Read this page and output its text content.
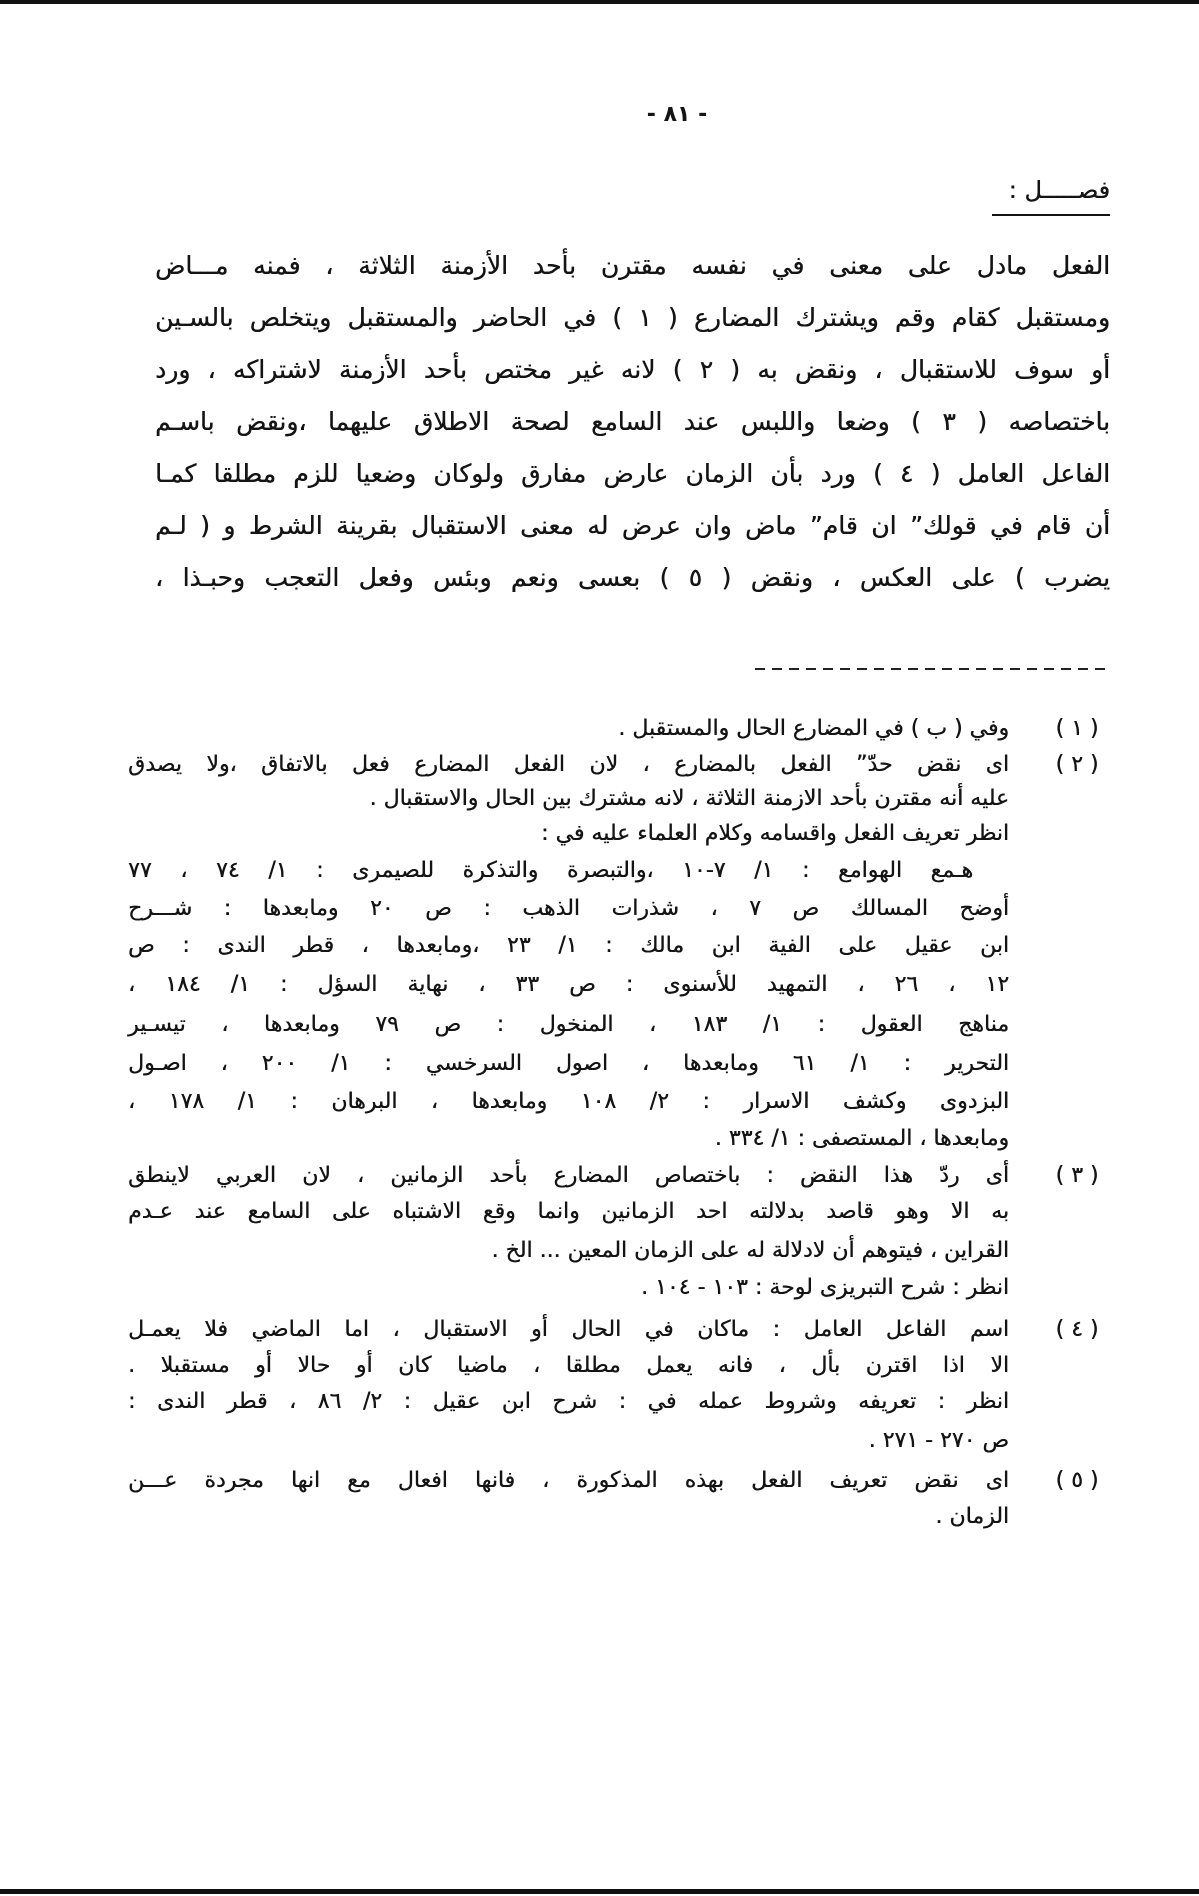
- ٨١ -
فصـــــل :
الفعل مادل على معنى في نفسه مقترن بأحد الأزمنة الثلاثة ، فمنه مـــاض
ومستقبل كقام وقم ويشترك المضارع ( ١ ) في الحاضر والمستقبل ويتخلص بالسـين
أو سوف للاستقبال ، ونقض به ( ٢ ) لانه غير مختص بأحد الأزمنة لاشتراكه ، ورد
باختصاصه ( ٣ ) وضعا واللبس عند السامع لصحة الاطلاق عليهما ،ونقض باسـم
الفاعل العامل ( ٤ ) ورد بأن الزمان عارض مفارق ولوكان وضعيا للزم مطلقا كمـا
أن قام في قولك” ان قام” ماض وان عرض له معنى الاستقبال بقرينة الشرط و ( لـم
يضرب ) على العكس ، ونقض ( ٥ ) بعسى ونعم وبئس وفعل التعجب وحبـذا ،
( ١ )
وفي ( ب ) في المضارع الحال والمستقبل .
( ٢ )
اى نقض حدّ” الفعل بالمضارع ، لان الفعل المضارع فعل بالاتفاق ،ولا يصدق
عليه أنه مقترن بأحد الازمنة الثلاثة ، لانه مشترك بين الحال والاستقبال .
انظر تعريف الفعل واقسامه وكلام العلماء عليه في :
هـمع الهوامع : ١/ ٧-١٠ ،والتبصرة والتذكرة للصيمرى : ١/ ٧٤ ، ٧٧
أوضح المسالك ص ٧ ، شذرات الذهب : ص ٢٠ ومابعدها : شـــرح
ابن عقيل على الفية ابن مالك : ١/ ٢٣ ،ومابعدها ، قطر الندى : ص
١٢ ، ٢٦ ، التمهيد للأسنوى : ص ٣٣ ، نهاية السؤل : ١/ ١٨٤ ،
مناهج العقول : ١/ ١٨٣ ، المنخول : ص ٧٩ ومابعدها ، تيسـير
التحرير : ١/ ٦١ ومابعدها ، اصول السرخسي : ١/ ٢٠٠ ، اصـول
البزدوى وكشف الاسرار : ٢/ ١٠٨ ومابعدها ، البرهان : ١/ ١٧٨ ،
ومابعدها ، المستصفى : ١/ ٣٣٤ .
( ٣ )
أى ردّ هذا النقض : باختصاص المضارع بأحد الزمانين ، لان العربي لاينطق
به الا وهو قاصد بدلالته احد الزمانين وانما وقع الاشتباه على السامع عند عـدم
القراين ، فيتوهم أن لادلالة له على الزمان المعين ... الخ .
انظر : شرح التبريزى لوحة : ١٠٣ - ١٠٤ .
( ٤ )
اسم الفاعل العامل : ماكان في الحال أو الاستقبال ، اما الماضي فلا يعمـل
الا اذا اقترن بأل ، فانه يعمل مطلقا ، ماضيا كان أو حالا أو مستقبلا .
انظر : تعريفه وشروط عمله في : شرح ابن عقيل : ٢/ ٨٦ ، قطر الندى :
ص ٢٧٠ - ٢٧١ .
( ٥ )
اى نقض تعريف الفعل بهذه المذكورة ، فانها افعال مع انها مجردة عـــن
الزمان .
